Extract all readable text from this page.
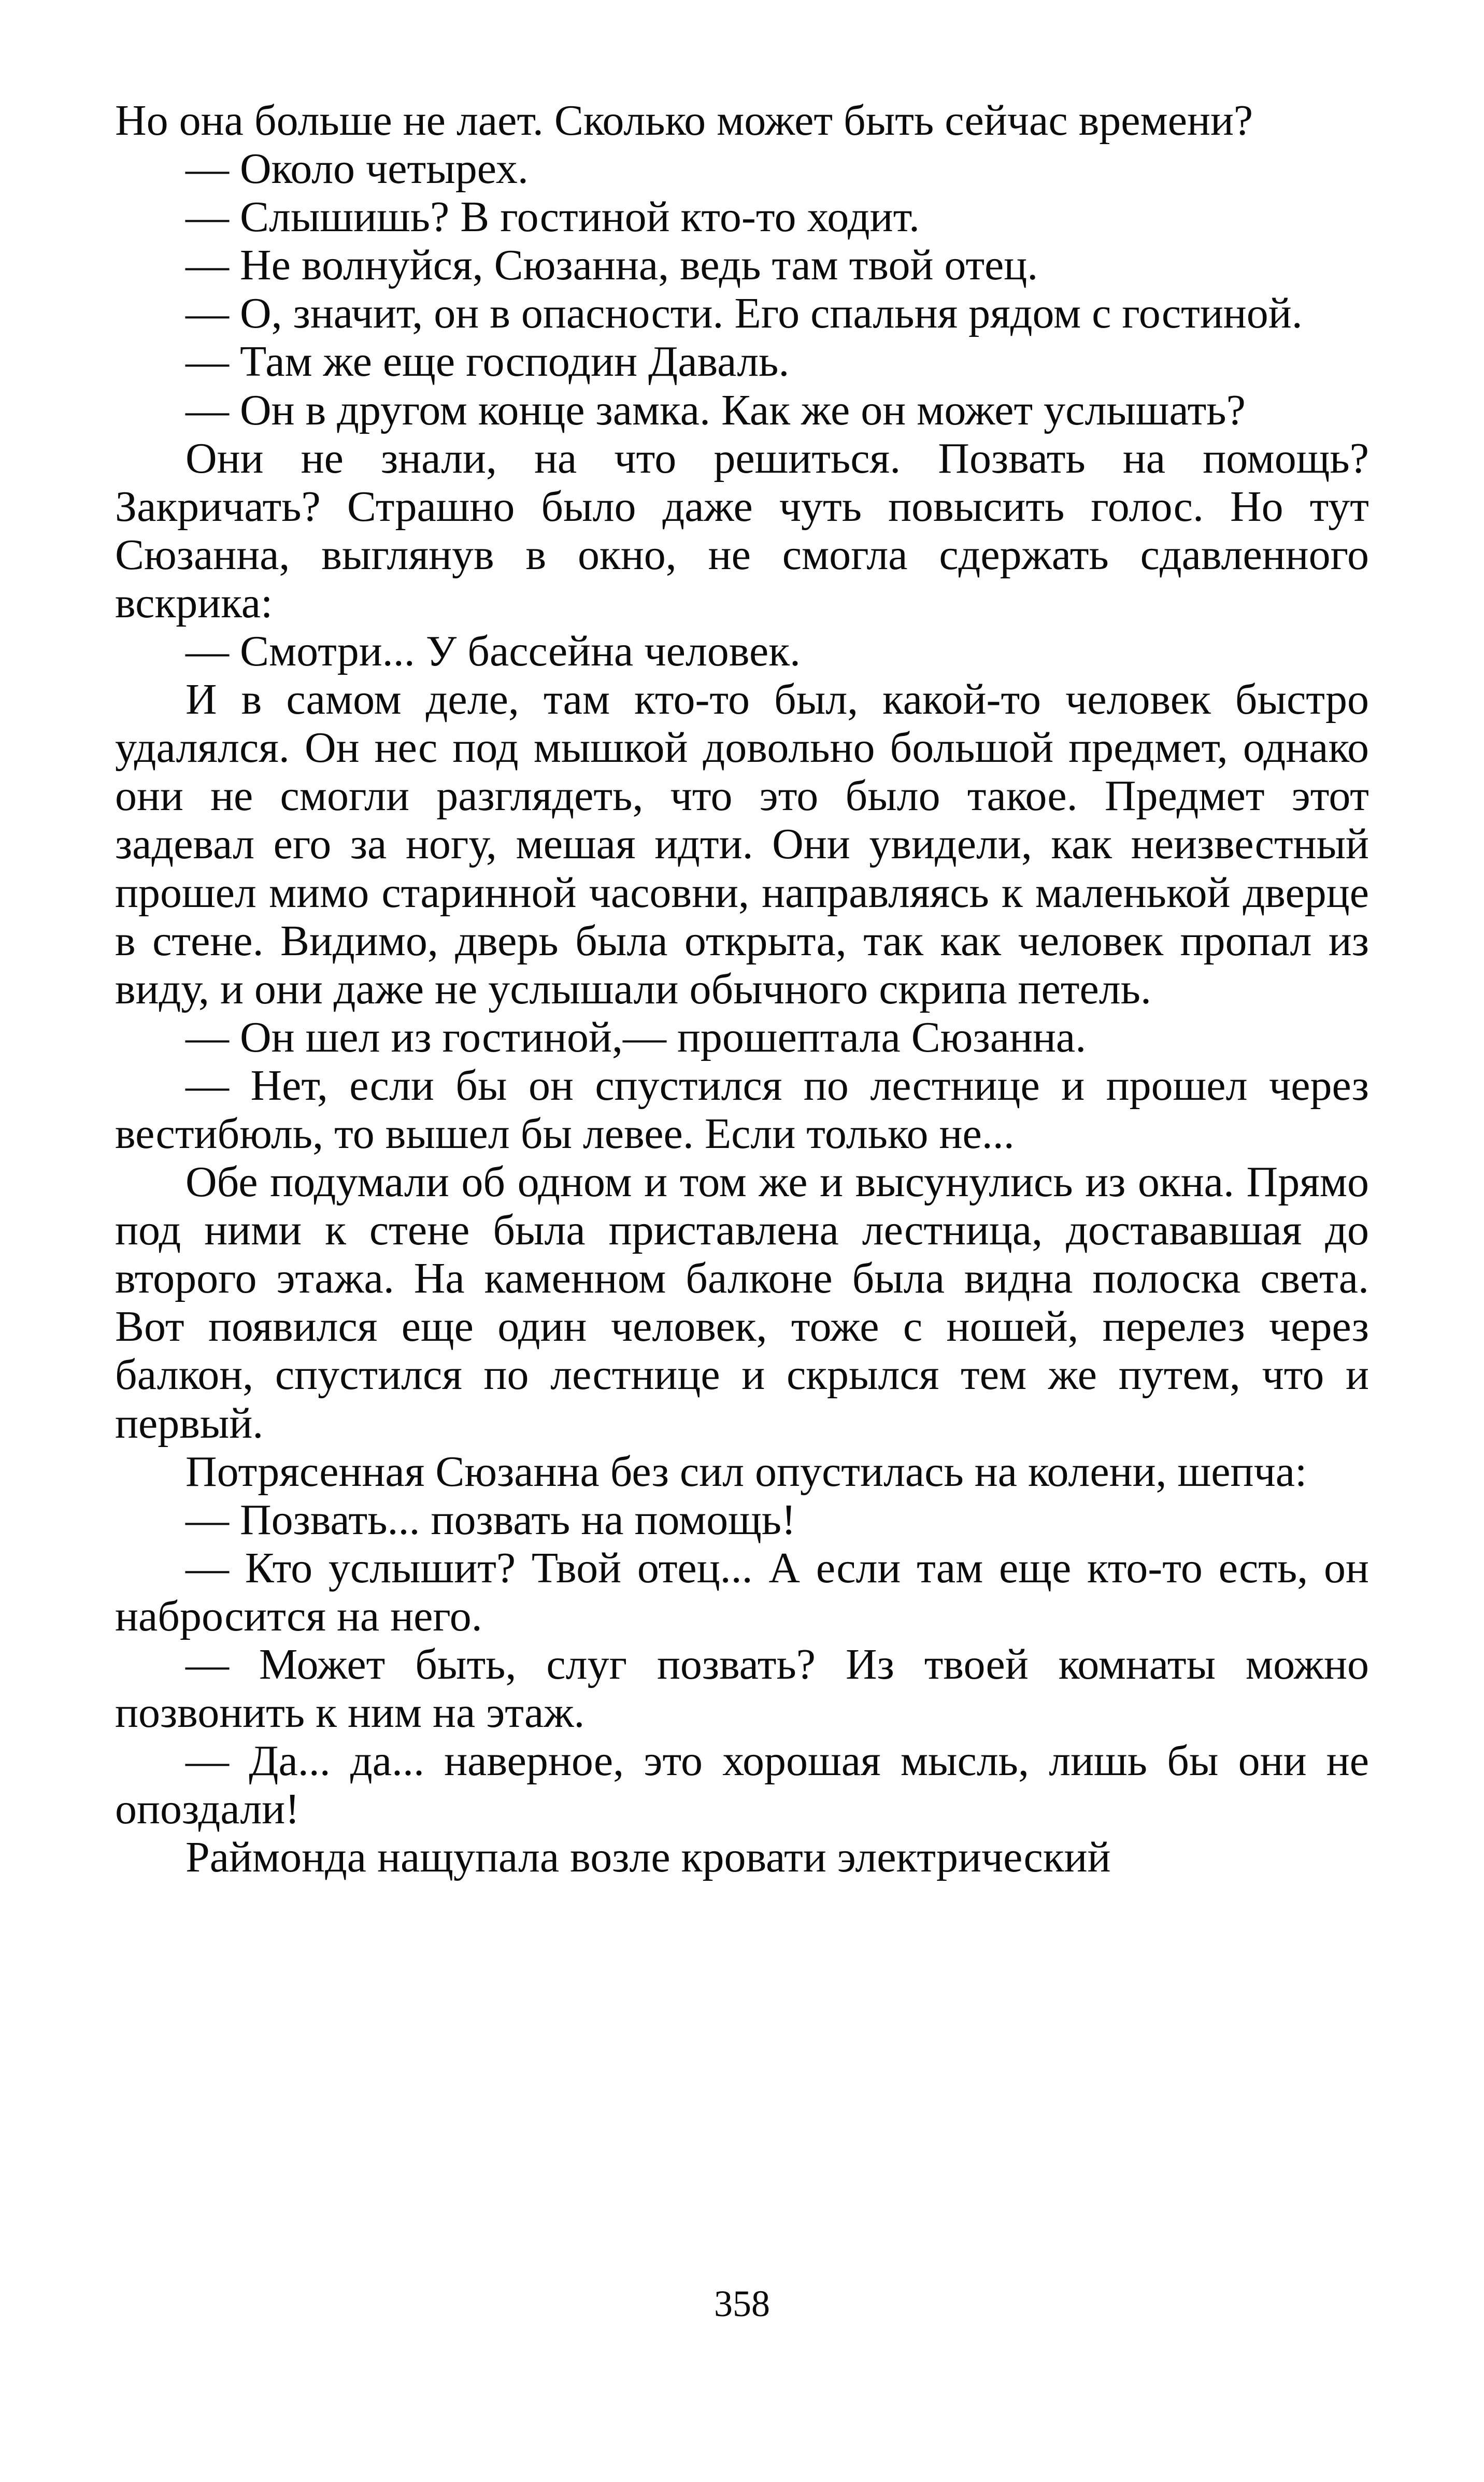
Но она больше не лает. Сколько может быть сейчас времени?

— Около четырех.

— Слышишь? В гостиной кто-то ходит.

— Не волнуйся, Сюзанна, ведь там твой отец.

— О, значит, он в опасности. Его спальня рядом с гостиной.

— Там же еще господин Даваль.

— Он в другом конце замка. Как же он может услышать?

Они не знали, на что решиться. Позвать на помощь? Закричать? Страшно было даже чуть повысить голос. Но тут Сюзанна, выглянув в окно, не смогла сдержать сдавленного вскрика:

— Смотри... У бассейна человек.

И в самом деле, там кто-то был, какой-то человек быстро удалялся. Он нес под мышкой довольно большой предмет, однако они не смогли разглядеть, что это было такое. Предмет этот задевал его за ногу, мешая идти. Они увидели, как неизвестный прошел мимо старинной часовни, направляясь к маленькой дверце в стене. Видимо, дверь была открыта, так как человек пропал из виду, и они даже не услышали обычного скрипа петель.

— Он шел из гостиной,— прошептала Сюзанна.

— Нет, если бы он спустился по лестнице и прошел через вестибюль, то вышел бы левее. Если только не...

Обе подумали об одном и том же и высунулись из окна. Прямо под ними к стене была приставлена лестница, достававшая до второго этажа. На каменном балконе была видна полоска света. Вот появился еще один человек, тоже с ношей, перелез через балкон, спустился по лестнице и скрылся тем же путем, что и первый.

Потрясенная Сюзанна без сил опустилась на колени, шепча:

— Позвать... позвать на помощь!

— Кто услышит? Твой отец... А если там еще кто-то есть, он набросится на него.

— Может быть, слуг позвать? Из твоей комнаты можно позвонить к ним на этаж.

— Да... да... наверное, это хорошая мысль, лишь бы они не опоздали!

Раймонда нащупала возле кровати электрический

358
